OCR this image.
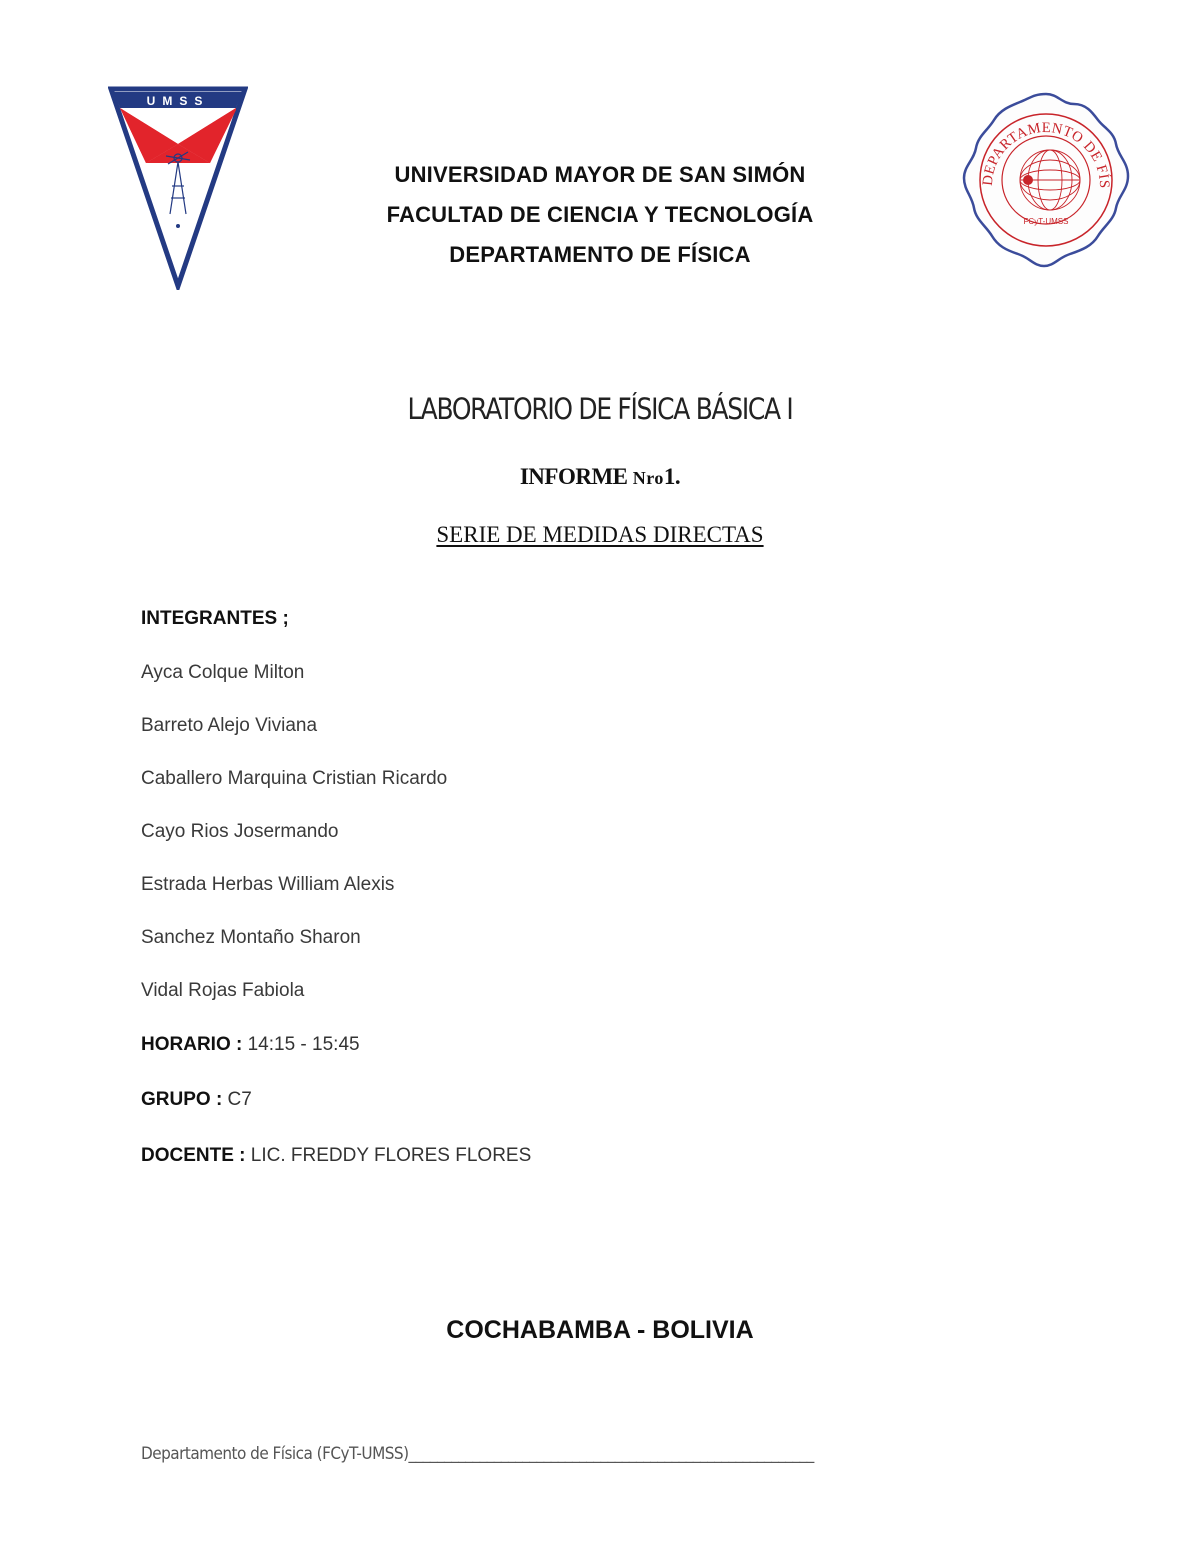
UMSS
DEPARTAMENTO DE FÍS
FCyT-UMSS
UNIVERSIDAD MAYOR DE SAN SIMÓN
FACULTAD DE CIENCIA Y TECNOLOGÍA
DEPARTAMENTO DE FÍSICA
LABORATORIO DE FÍSICA BÁSICA I
INFORME Nro1.
SERIE DE MEDIDAS DIRECTAS
INTEGRANTES ;
Ayca Colque Milton
Barreto Alejo Viviana
Caballero Marquina Cristian Ricardo
Cayo Rios Josermando
Estrada Herbas William Alexis
Sanchez Montaño Sharon
Vidal Rojas Fabiola
HORARIO : 14:15 - 15:45
GRUPO : C7
DOCENTE : LIC. FREDDY FLORES FLORES
COCHABAMBA - BOLIVIA
Departamento de Física (FCyT-UMSS)_________________________________________________________
